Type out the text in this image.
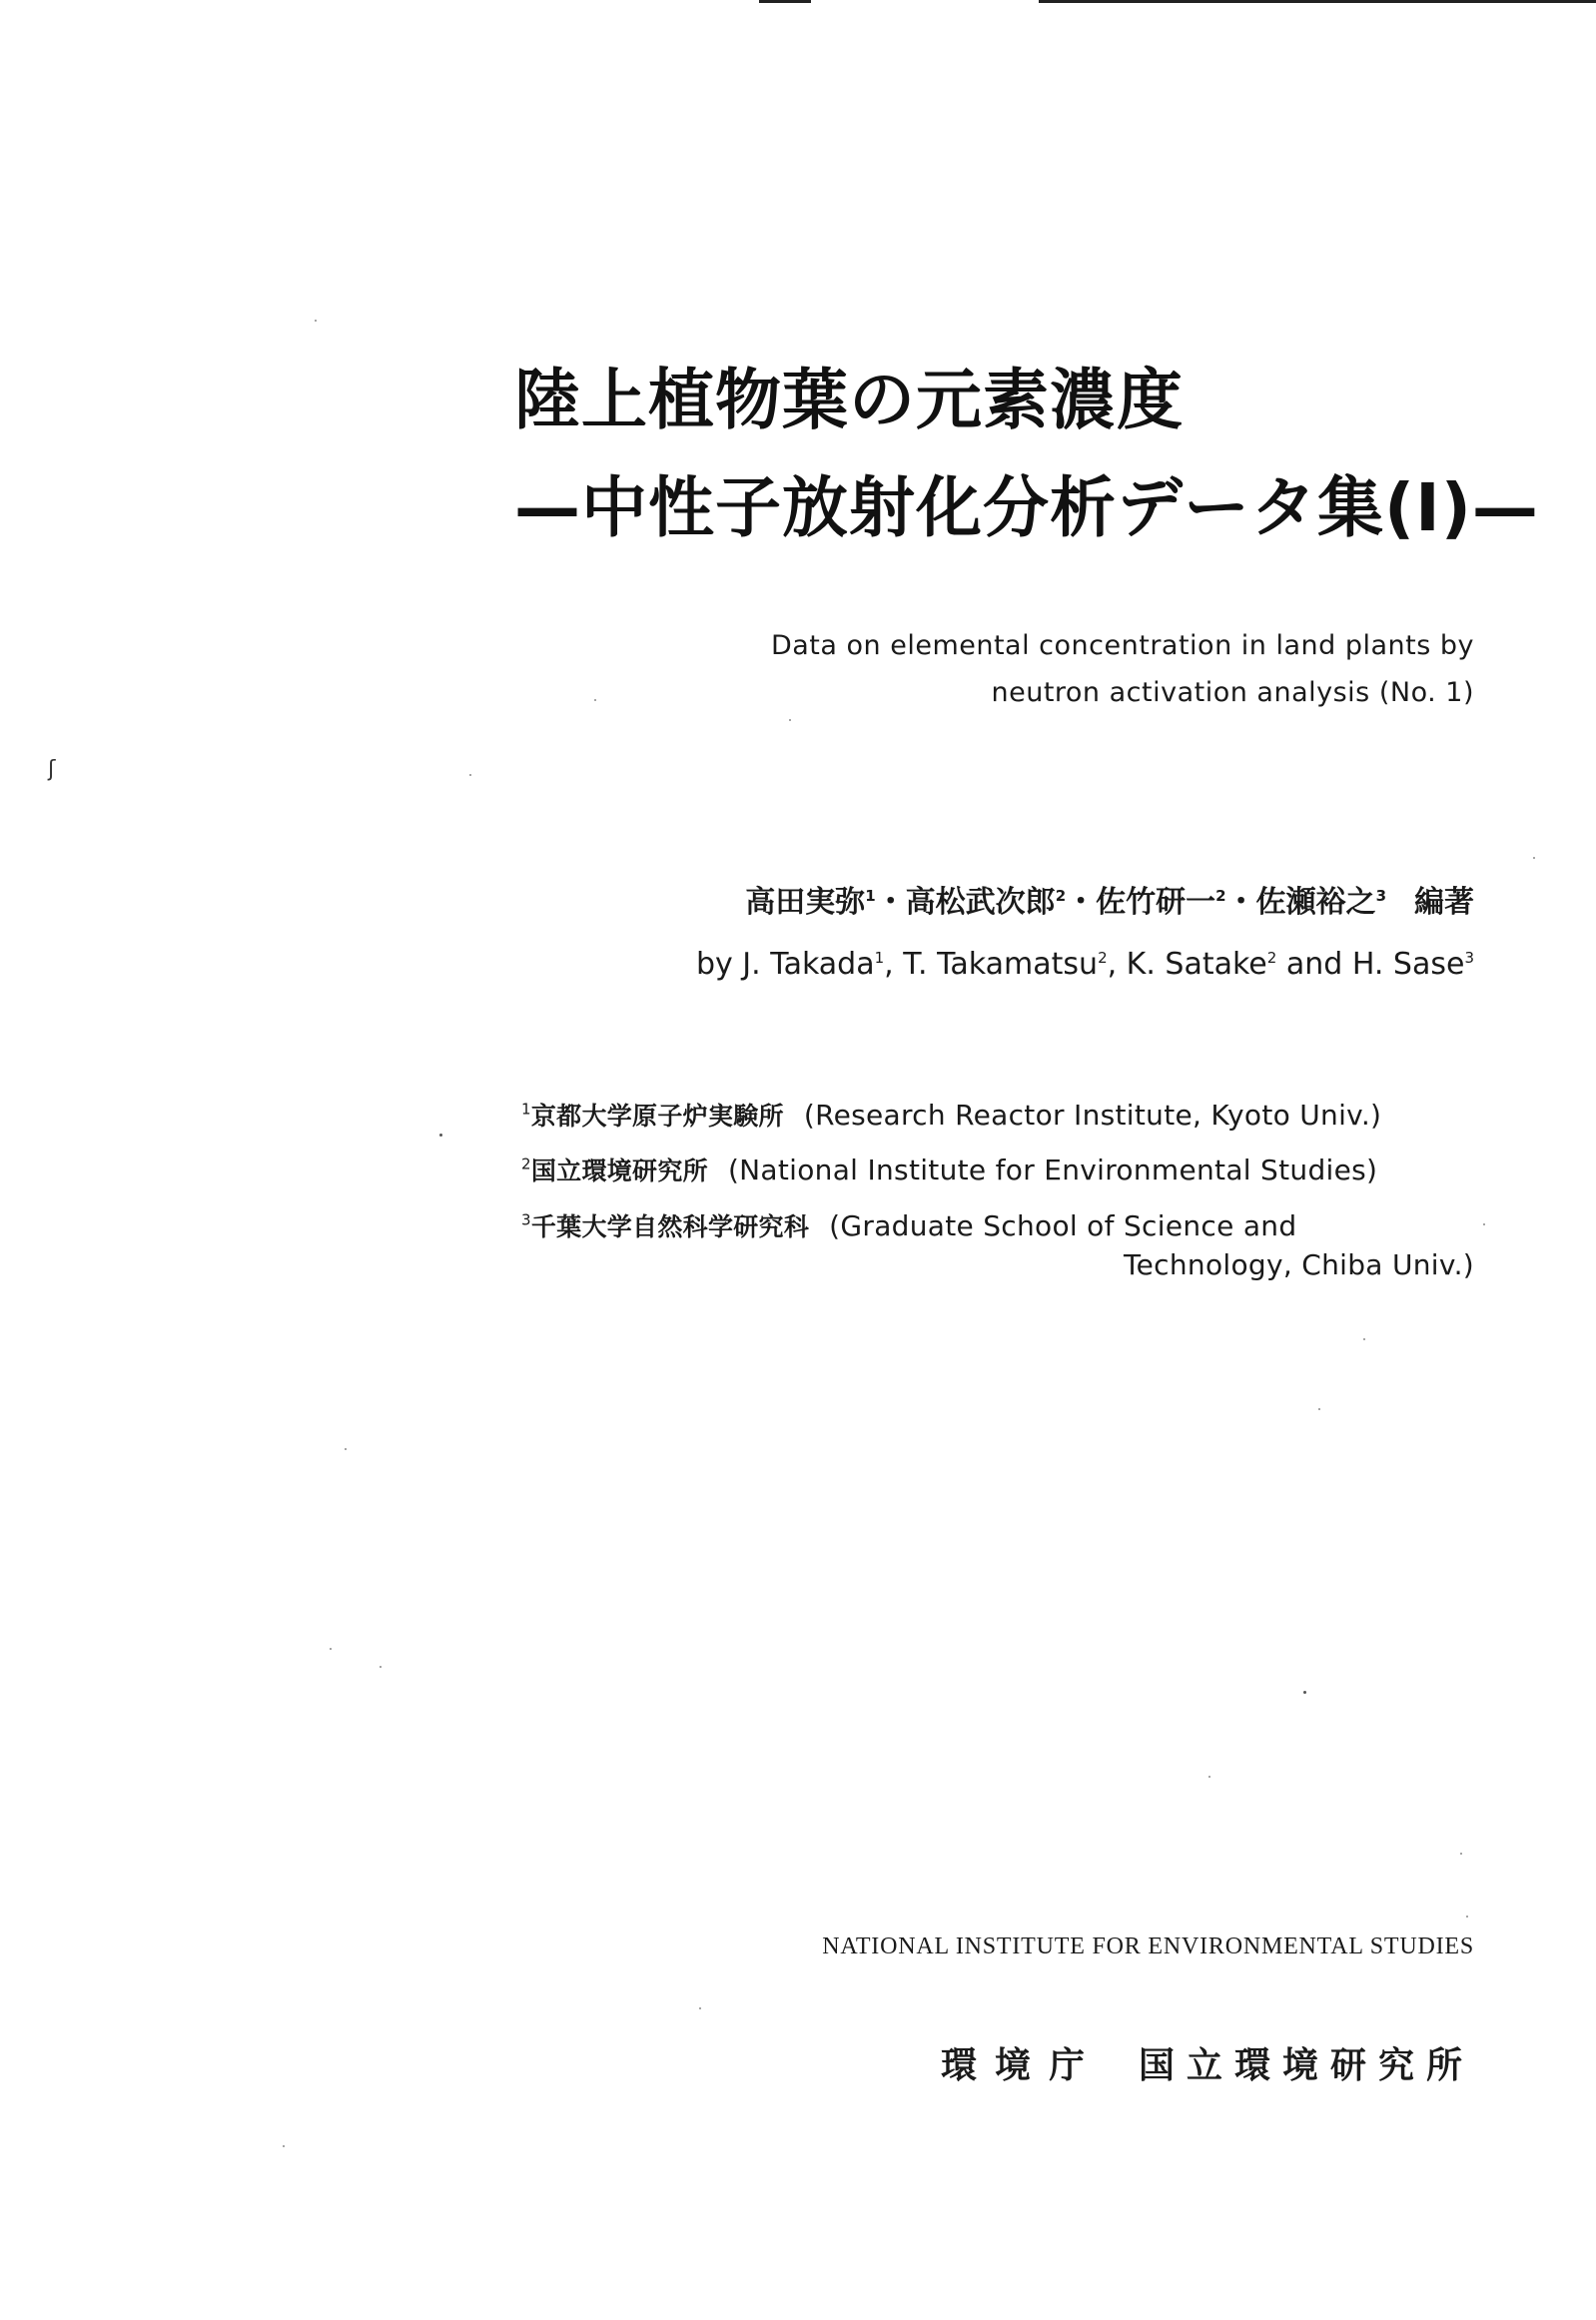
ʃ
陸上植物葉の元素濃度
—中性子放射化分析データ集(I)—
Data on elemental concentration in land plants by
neutron activation analysis (No. 1)
高田実弥$^1$・高松武次郎$^2$・佐竹研一$^2$・佐瀬裕之$^3$ 編著
by J. Takada$^1$, T. Takamatsu$^2$, K. Satake$^2$ and H. Sase$^3$
$^1$京都大学原子炉実験所 (Research Reactor Institute, Kyoto Univ.)
$^2$国立環境研究所 (National Institute for Environmental Studies)
$^3$千葉大学自然科学研究科 (Graduate School of Science and
Technology, Chiba Univ.)
NATIONAL INSTITUTE FOR ENVIRONMENTAL STUDIES
環境庁 国立環境研究所
